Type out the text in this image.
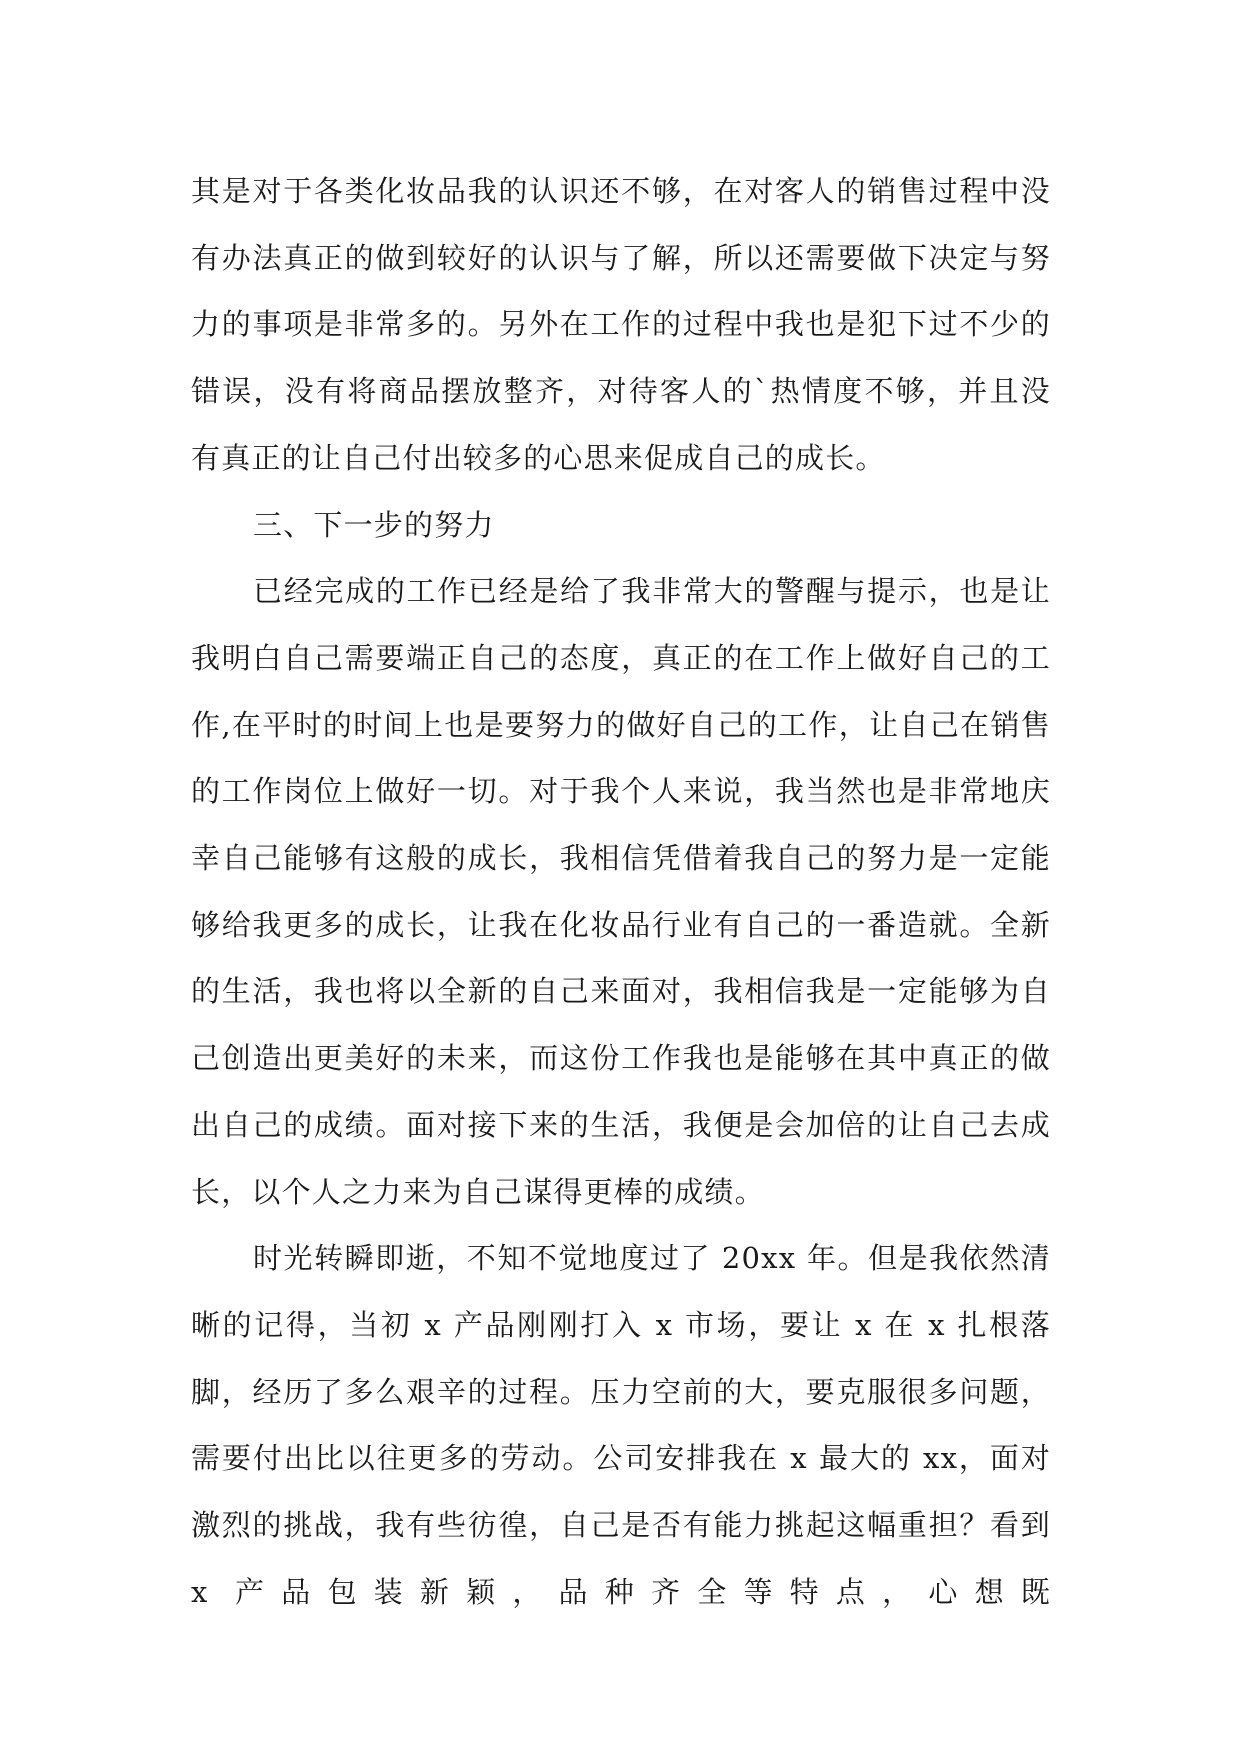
其是对于各类化妆品我的认识还不够，在对客人的销售过程中没有办法真正的做到较好的认识与了解，所以还需要做下决定与努力的事项是非常多的。另外在工作的过程中我也是犯下过不少的错误，没有将商品摆放整齐，对待客人的`热情度不够，并且没有真正的让自己付出较多的心思来促成自己的成长。

三、下一步的努力

已经完成的工作已经是给了我非常大的警醒与提示，也是让我明白自己需要端正自己的态度，真正的在工作上做好自己的工作,在平时的时间上也是要努力的做好自己的工作，让自己在销售的工作岗位上做好一切。对于我个人来说，我当然也是非常地庆幸自己能够有这般的成长，我相信凭借着我自己的努力是一定能够给我更多的成长，让我在化妆品行业有自己的一番造就。全新的生活，我也将以全新的自己来面对，我相信我是一定能够为自己创造出更美好的未来，而这份工作我也是能够在其中真正的做出自己的成绩。面对接下来的生活，我便是会加倍的让自己去成长，以个人之力来为自己谋得更棒的成绩。

时光转瞬即逝，不知不觉地度过了 20xx 年。但是我依然清晰的记得，当初 x 产品刚刚打入 x 市场，要让 x 在 x 扎根落脚，经历了多么艰辛的过程。压力空前的大，要克服很多问题，需要付出比以往更多的劳动。公司安排我在 x 最大的 xx，面对激烈的挑战，我有些彷徨，自己是否有能力挑起这幅重担？看到 x 产品包装新颖，品种齐全等特点，心想既
